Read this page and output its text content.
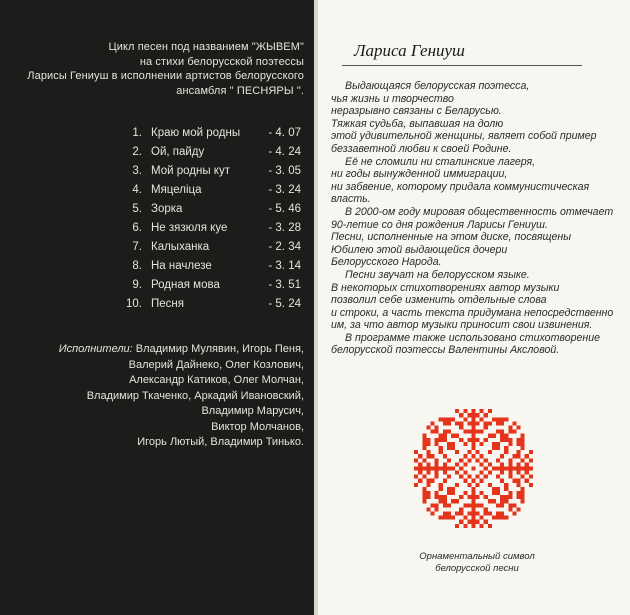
Цикл песен под названием "ЖЫВЕМ"
на стихи белорусской поэтессы
Ларисы Гениуш в исполнении артистов белорусского
ансамбля " ПЕСНЯРЫ ".
1. Краю мой родны - 4. 07
2. Ой, пайду	- 4. 24
3. Мой родны кут	- 3. 05
4. Мяцеліца	- 3. 24
5. Зорка	- 5. 46
6. Не зязюля куе	- 3. 28
7. Калыханка	- 2. 34
8. На начлезе	- 3. 14
9. Родная мова	- 3. 51
10. Песня	- 5. 24
Исполнители: Владимир Мулявин, Игорь Пеня,
Валерий Дайнеко, Олег Козлович,
Александр Катиков, Олег Молчан,
Владимир Ткаченко, Аркадий Ивановский,
Владимир Марусич,
Виктор Молчанов,
Игорь Лютый, Владимир Тинько.
Лариса Гениуш
Выдающаяся белорусская поэтесса,
чья жизнь и творчество
неразрывно связаны с Беларусью.
Тяжкая судьба, выпавшая на долю
этой удивительной женщины, являет собой пример
беззаветной любви к своей Родине.
Её не сломили ни сталинские лагеря,
ни годы вынужденной иммиграции,
ни забвение, которому придала коммунистическая
власть.
В 2000-ом году мировая общественность отмечает
90-летие со дня рождения Ларисы Гениуш.
Песни, исполненные на этом диске, посвящены
Юбилею этой выдающейся дочери
Белорусского Народа.
Песни звучат на белорусском языке.
В некоторых стихотворениях автор музыки
позволил себе изменить отдельные слова
и строки, а часть текста придумана непосредственно
им, за что автор музыки приносит свои извинения.
В программе также использовано стихотворение
белорусской поэтессы Валентины Аксловой.
Орнаментальный символ
белорусской песни
